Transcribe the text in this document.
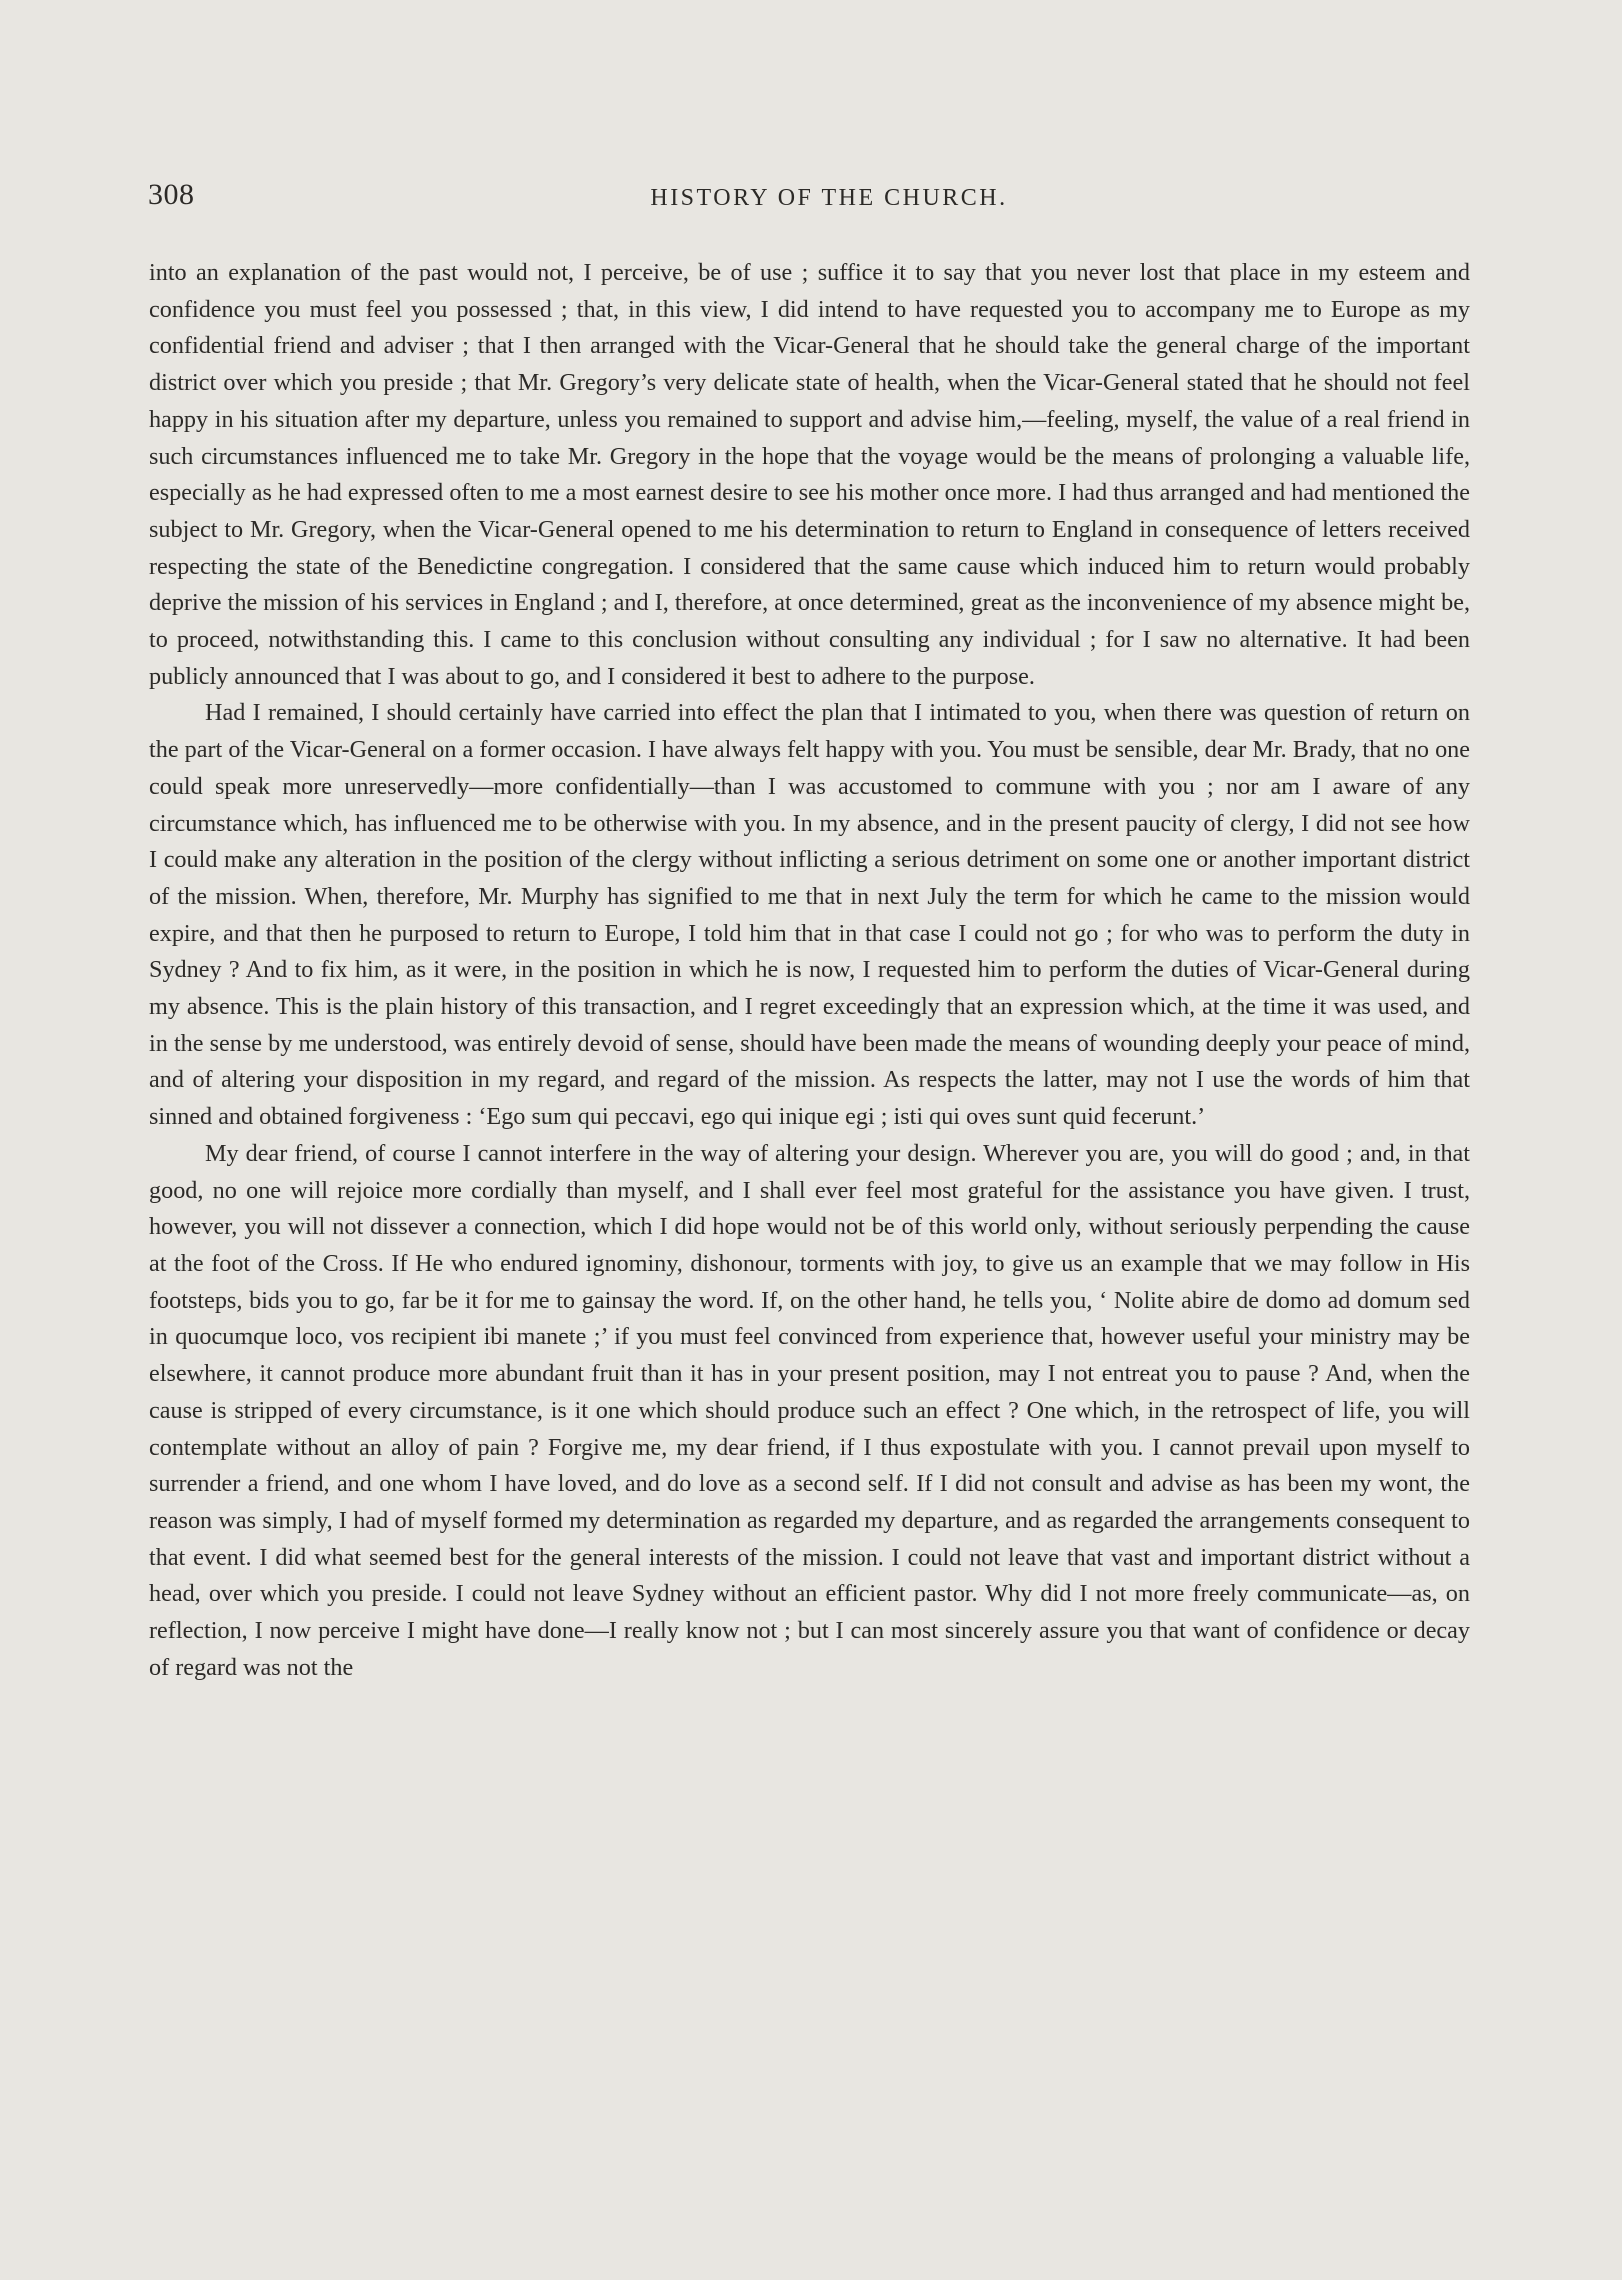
308	HISTORY OF THE CHURCH.

into an explanation of the past would not, I perceive, be of use ; suffice it to say that you never lost that place in my esteem and confidence you must feel you possessed ; that, in this view, I did intend to have requested you to accompany me to Europe as my confidential friend and adviser ; that I then arranged with the Vicar-General that he should take the general charge of the important district over which you preside ; that Mr. Gregory’s very delicate state of health, when the Vicar-General stated that he should not feel happy in his situation after my departure, unless you remained to support and advise him,—feeling, myself, the value of a real friend in such circumstances influenced me to take Mr. Gregory in the hope that the voyage would be the means of prolonging a valuable life, especially as he had expressed often to me a most earnest desire to see his mother once more. I had thus arranged and had mentioned the subject to Mr. Gregory, when the Vicar-General opened to me his determination to return to England in consequence of letters received respecting the state of the Benedictine congregation. I considered that the same cause which induced him to return would probably deprive the mission of his services in England ; and I, therefore, at once determined, great as the inconvenience of my absence might be, to proceed, notwithstanding this. I came to this conclusion without consulting any individual ; for I saw no alternative. It had been publicly announced that I was about to go, and I considered it best to adhere to the purpose.

Had I remained, I should certainly have carried into effect the plan that I intimated to you, when there was question of return on the part of the Vicar-General on a former occasion. I have always felt happy with you. You must be sensible, dear Mr. Brady, that no one could speak more unreservedly—more confidentially—than I was accustomed to commune with you ; nor am I aware of any circumstance which, has influenced me to be otherwise with you. In my absence, and in the present paucity of clergy, I did not see how I could make any alteration in the position of the clergy without inflicting a serious detriment on some one or another important district of the mission. When, therefore, Mr. Murphy has signified to me that in next July the term for which he came to the mission would expire, and that then he purposed to return to Europe, I told him that in that case I could not go ; for who was to perform the duty in Sydney ? And to fix him, as it were, in the position in which he is now, I requested him to perform the duties of Vicar-General during my absence. This is the plain history of this transaction, and I regret exceedingly that an expression which, at the time it was used, and in the sense by me understood, was entirely devoid of sense, should have been made the means of wounding deeply your peace of mind, and of altering your disposition in my regard, and regard of the mission. As respects the latter, may not I use the words of him that sinned and obtained forgiveness : ‘Ego sum qui peccavi, ego qui inique egi ; isti qui oves sunt quid fecerunt.’

My dear friend, of course I cannot interfere in the way of altering your design. Wherever you are, you will do good ; and, in that good, no one will rejoice more cordially than myself, and I shall ever feel most grateful for the assistance you have given. I trust, however, you will not dissever a connection, which I did hope would not be of this world only, without seriously perpending the cause at the foot of the Cross. If He who endured ignominy, dishonour, torments with joy, to give us an example that we may follow in His footsteps, bids you to go, far be it for me to gainsay the word. If, on the other hand, he tells you, ‘ Nolite abire de domo ad domum sed in quocumque loco, vos recipient ibi manete ;’ if you must feel convinced from experience that, however useful your ministry may be elsewhere, it cannot produce more abundant fruit than it has in your present position, may I not entreat you to pause ? And, when the cause is stripped of every circumstance, is it one which should produce such an effect ? One which, in the retrospect of life, you will contemplate without an alloy of pain ? Forgive me, my dear friend, if I thus expostulate with you. I cannot prevail upon myself to surrender a friend, and one whom I have loved, and do love as a second self. If I did not consult and advise as has been my wont, the reason was simply, I had of myself formed my determination as regarded my departure, and as regarded the arrangements consequent to that event. I did what seemed best for the general interests of the mission. I could not leave that vast and important district without a head, over which you preside. I could not leave Sydney without an efficient pastor. Why did I not more freely communicate—as, on reflection, I now perceive I might have done—I really know not ; but I can most sincerely assure you that want of confidence or decay of regard was not the
